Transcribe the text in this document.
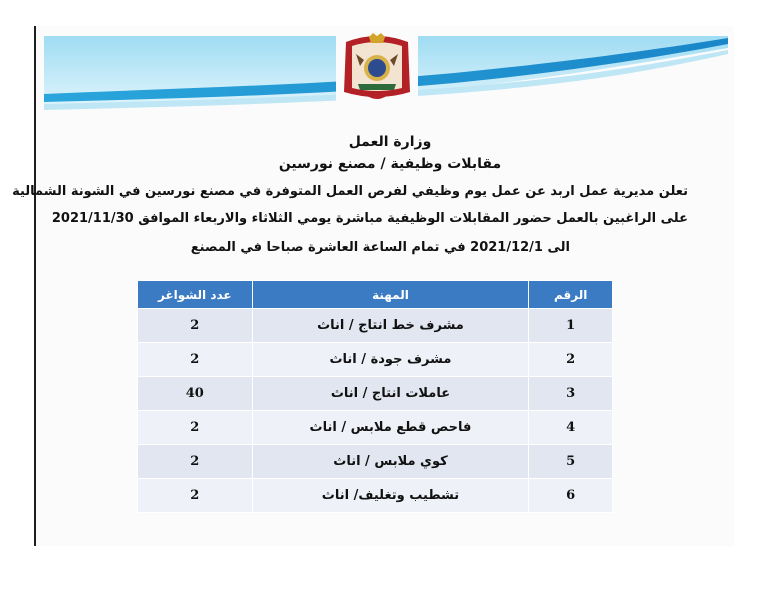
وزارة العمل
مقابلات وظيفية / مصنع نورسين
تعلن مديرية عمل اربد عن عمل يوم وظيفي لفرص العمل المتوفرة في مصنع نورسين في الشونة الشمالية
على الراغبين بالعمل حضور المقابلات الوظيفية مباشرة يومي الثلاثاء والاربعاء الموافق 2021/11/30
الى 2021/12/1 في تمام الساعة العاشرة صباحا في المصنع
الرقم	المهنة	عدد الشواغر
1	مشرف خط انتاج / اناث	2
2	مشرف جودة / اناث	2
3	عاملات انتاج / اناث	40
4	فاحص قطع ملابس / اناث	2
5	كوي ملابس / اناث	2
6	تشطيب وتغليف/ اناث	2
